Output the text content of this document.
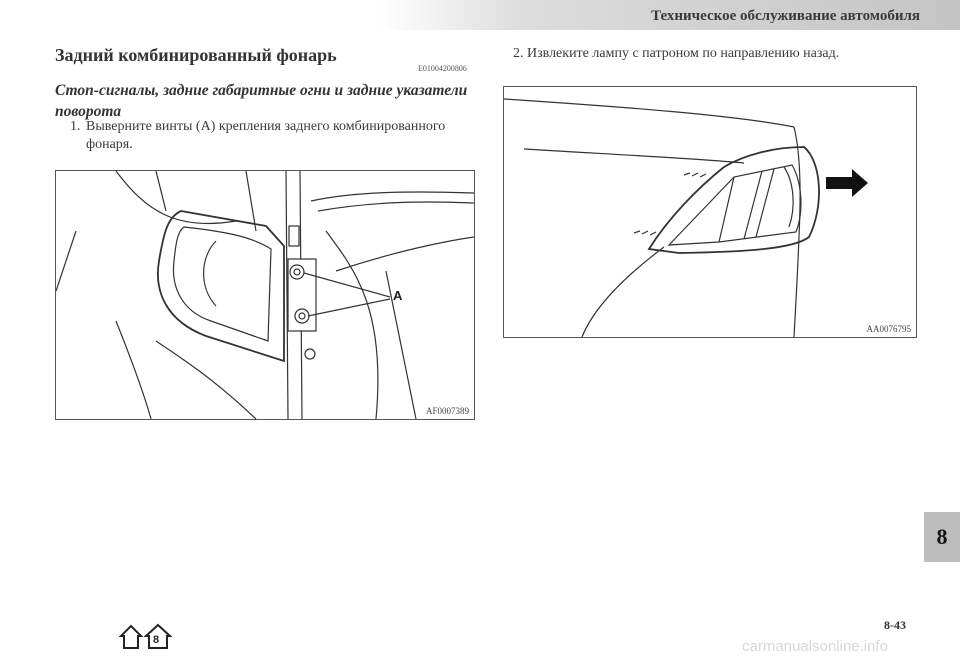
Техническое обслуживание автомобиля
Задний комбинированный фонарь
E01004200806
Стоп-сигналы, задние габаритные огни и задние указатели поворота
1. Выверните винты (А) крепления заднего комбинированного фонаря.
A
AF0007389
2. Извлеките лампу с патроном по направлению назад.
AA0076795
8
8-43
8	carmanualsonline.info
